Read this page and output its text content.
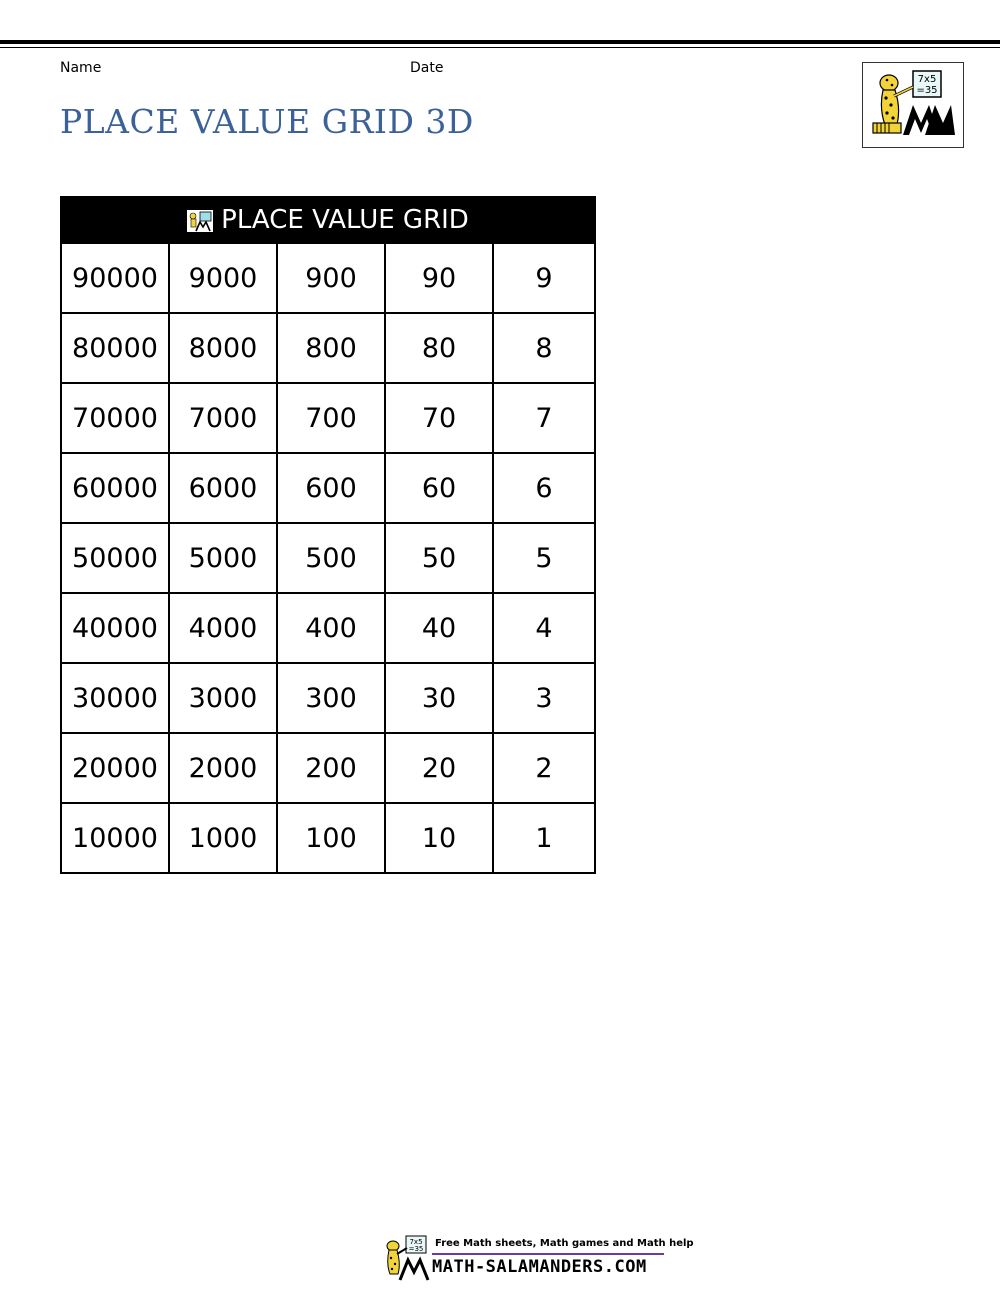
Name	Date
PLACE VALUE GRID 3D
7x5
=35
PLACE VALUE GRID				
90000	9000	900	90	9
80000	8000	800	80	8
70000	7000	700	70	7
60000	6000	600	60	6
50000	5000	500	50	5
40000	4000	400	40	4
30000	3000	300	30	3
20000	2000	200	20	2
10000	1000	100	10	1
7x5
=35 Free Math sheets, Math games and Math help
MATH-SALAMANDERS.COM
